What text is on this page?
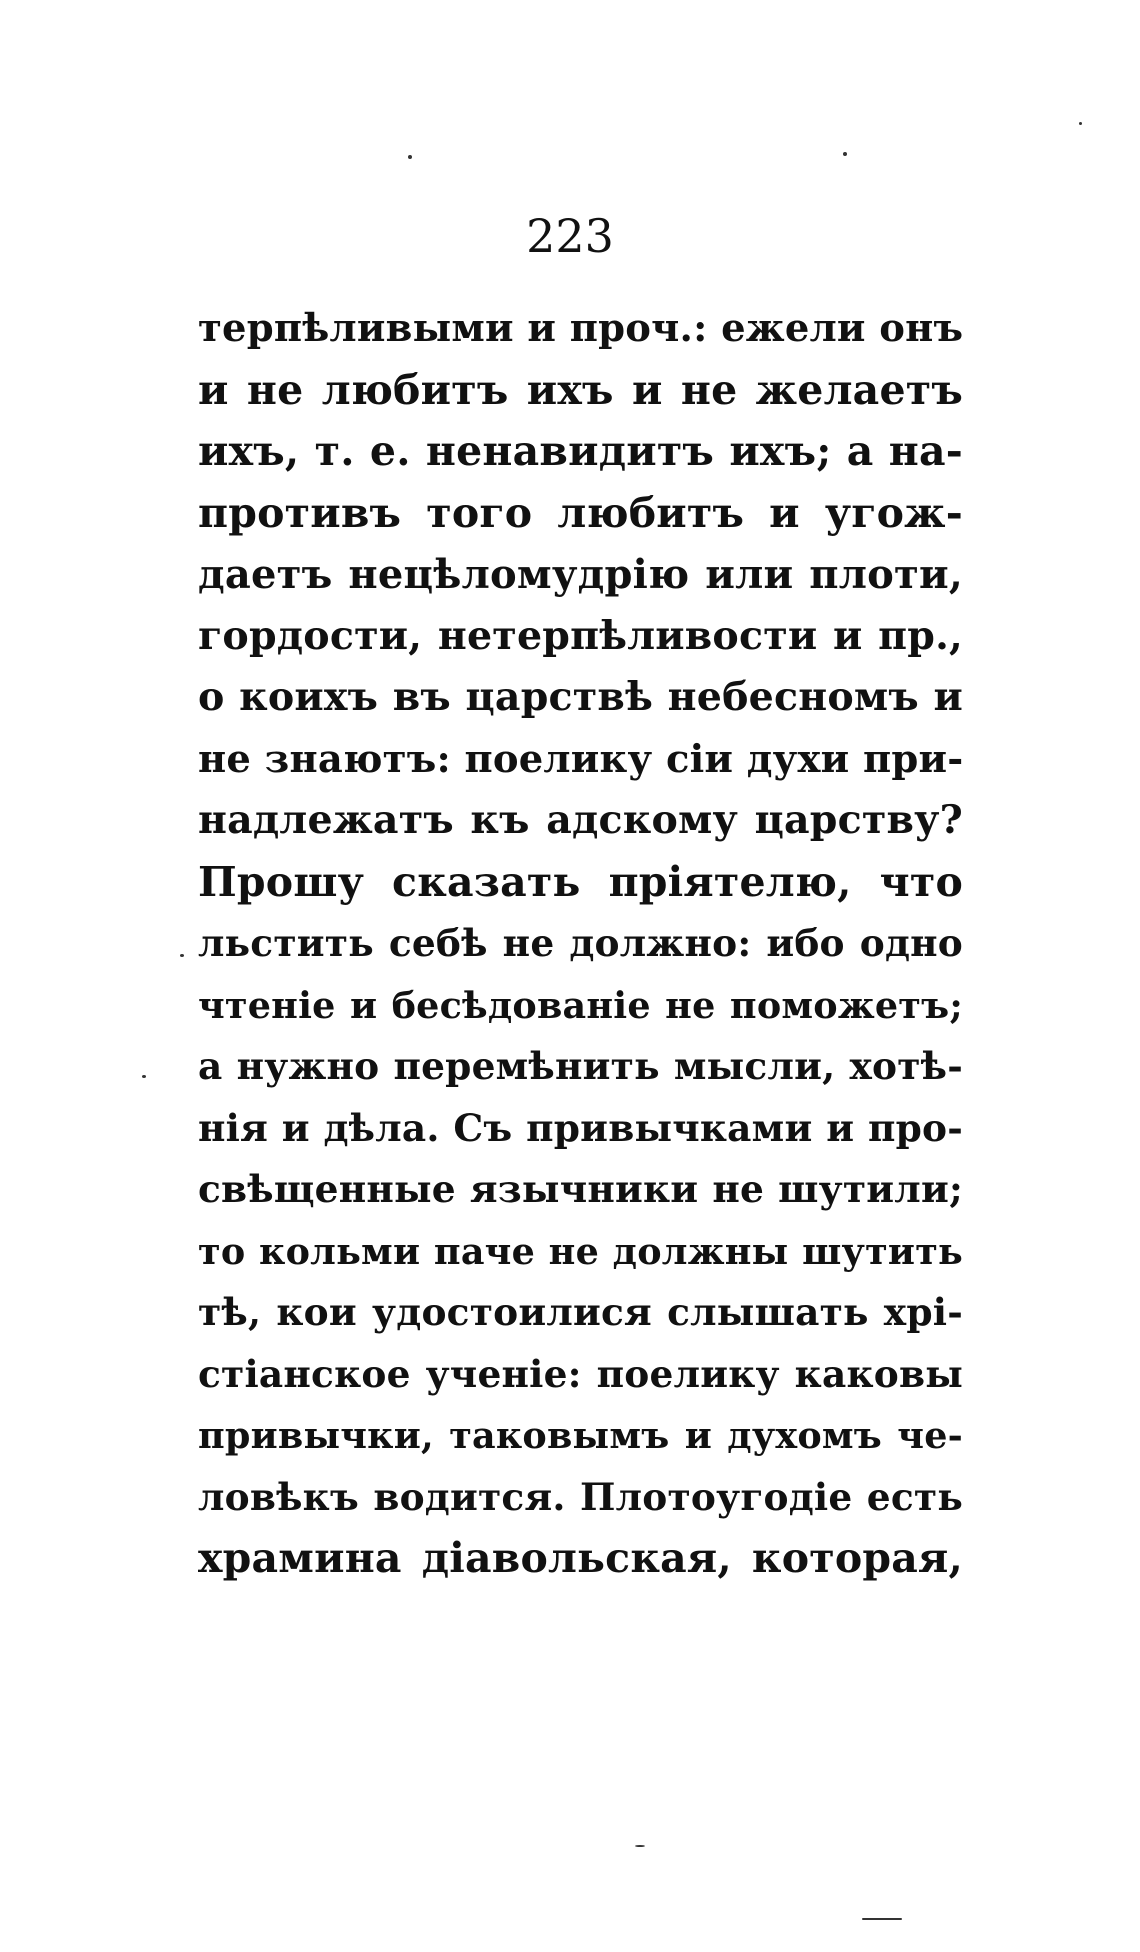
223
терпѣливыми и проч.: ежели онъ
и не любитъ ихъ и не желаетъ
ихъ, т. е. ненавидитъ ихъ; а на-
противъ того любитъ и угож-
даетъ нецѣломудрію или плоти,
гордости, нетерпѣливости и пр.,
о коихъ въ царствѣ небесномъ и
не знаютъ: поелику сіи духи при-
надлежатъ къ адскому царству?
Прошу сказать пріятелю, что
льстить себѣ не должно: ибо одно
чтеніе и бесѣдованіе не поможетъ;
а нужно перемѣнить мысли, хотѣ-
нія и дѣла. Съ привычками и про-
свѣщенные язычники не шутили;
то кольми паче не должны шутить
тѣ, кои удостоилися слышать хрі-
стіанское ученіе: поелику каковы
привычки, таковымъ и духомъ че-
ловѣкъ водится. Плотоугодіе есть
храмина діавольская, которая,
